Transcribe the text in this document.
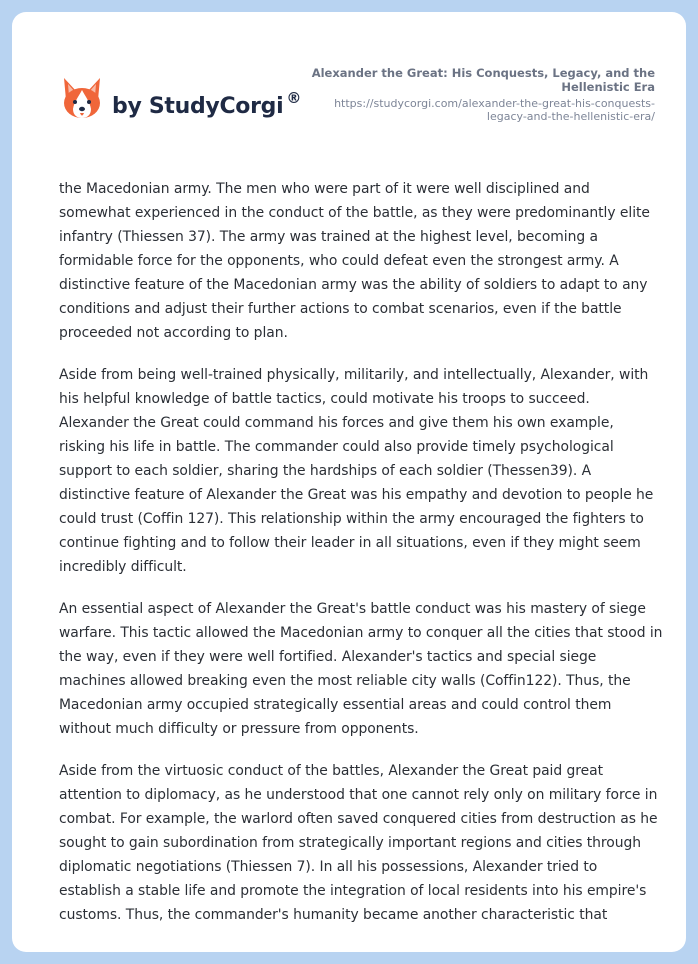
by StudyCorgi ®
Alexander the Great: His Conquests, Legacy, and the Hellenistic Era
https://studycorgi.com/alexander-the-great-his-conquests-legacy-and-the-hellenistic-era/

the Macedonian army. The men who were part of it were well disciplined and somewhat experienced in the conduct of the battle, as they were predominantly elite infantry (Thiessen 37). The army was trained at the highest level, becoming a formidable force for the opponents, who could defeat even the strongest army. A distinctive feature of the Macedonian army was the ability of soldiers to adapt to any conditions and adjust their further actions to combat scenarios, even if the battle proceeded not according to plan.

Aside from being well-trained physically, militarily, and intellectually, Alexander, with his helpful knowledge of battle tactics, could motivate his troops to succeed. Alexander the Great could command his forces and give them his own example, risking his life in battle. The commander could also provide timely psychological support to each soldier, sharing the hardships of each soldier (Thessen39). A distinctive feature of Alexander the Great was his empathy and devotion to people he could trust (Coffin 127). This relationship within the army encouraged the fighters to continue fighting and to follow their leader in all situations, even if they might seem incredibly difficult.

An essential aspect of Alexander the Great's battle conduct was his mastery of siege warfare. This tactic allowed the Macedonian army to conquer all the cities that stood in the way, even if they were well fortified. Alexander's tactics and special siege machines allowed breaking even the most reliable city walls (Coffin122). Thus, the Macedonian army occupied strategically essential areas and could control them without much difficulty or pressure from opponents.

Aside from the virtuosic conduct of the battles, Alexander the Great paid great attention to diplomacy, as he understood that one cannot rely only on military force in combat. For example, the warlord often saved conquered cities from destruction as he sought to gain subordination from strategically important regions and cities through diplomatic negotiations (Thiessen 7). In all his possessions, Alexander tried to establish a stable life and promote the integration of local residents into his empire's customs. Thus, the commander's humanity became another characteristic that
